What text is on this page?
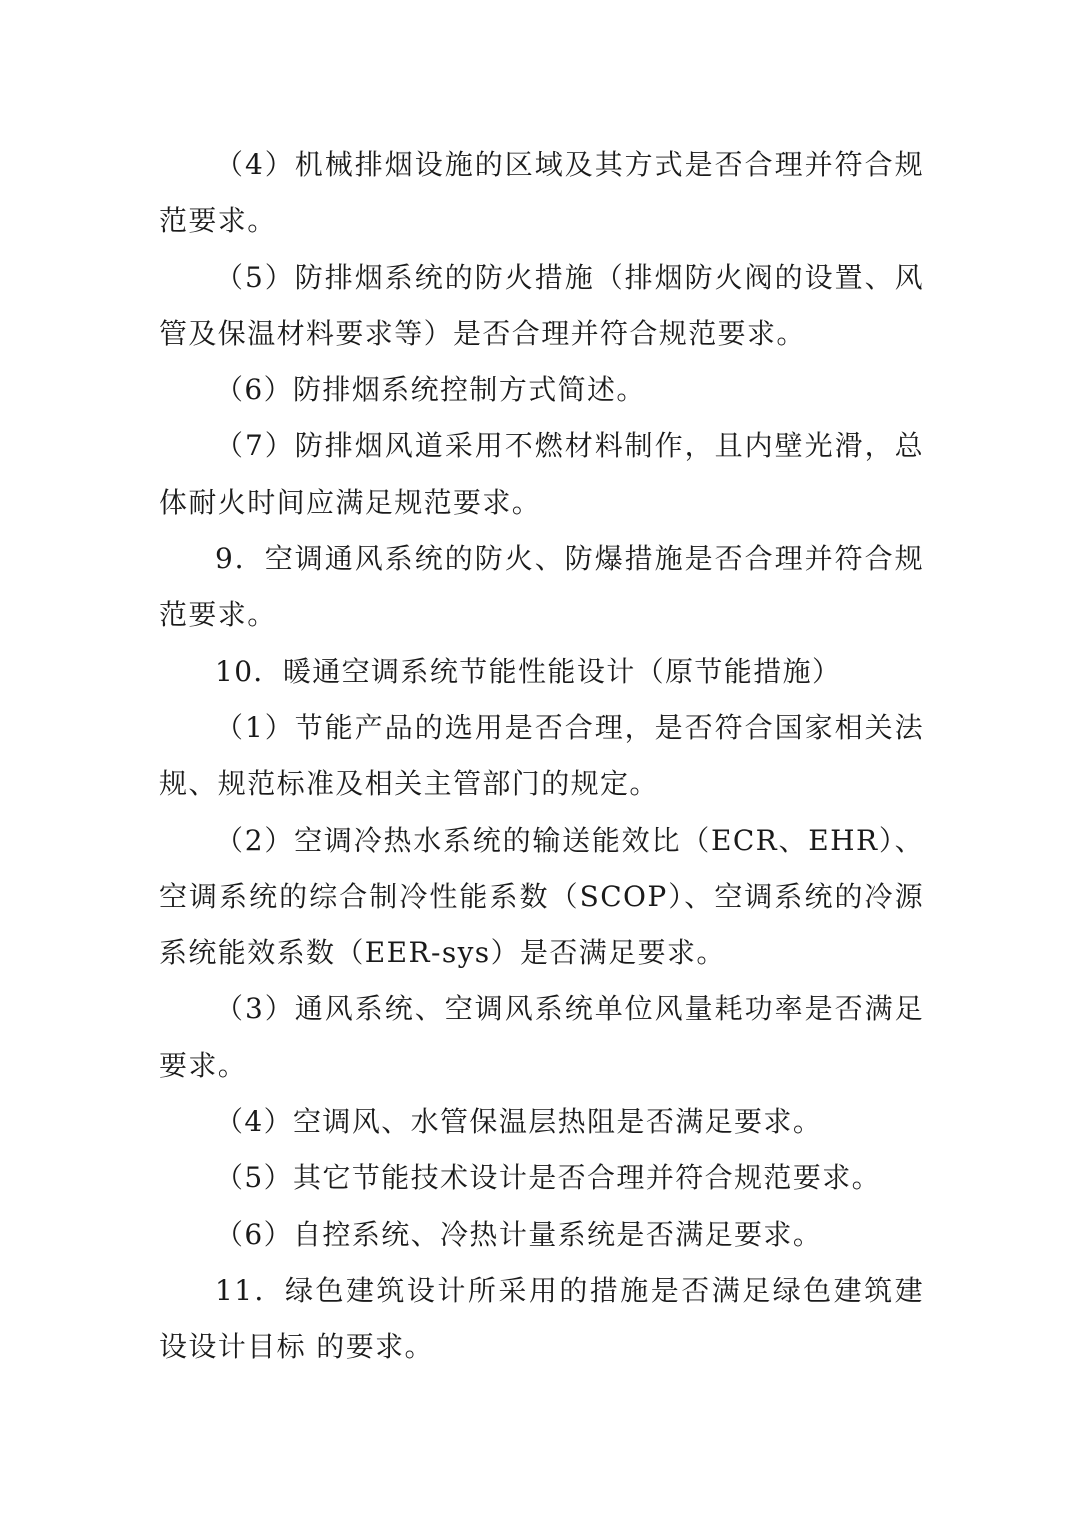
（4）机械排烟设施的区域及其方式是否合理并符合规范要求。

（5）防排烟系统的防火措施（排烟防火阀的设置、风管及保温材料要求等）是否合理并符合规范要求。

（6）防排烟系统控制方式简述。

（7）防排烟风道采用不燃材料制作，且内壁光滑，总体耐火时间应满足规范要求。

9．空调通风系统的防火、防爆措施是否合理并符合规范要求。

10．暖通空调系统节能性能设计（原节能措施）

（1）节能产品的选用是否合理，是否符合国家相关法规、规范标准及相关主管部门的规定。

（2）空调冷热水系统的输送能效比（ECR、EHR）、空调系统的综合制冷性能系数（SCOP）、空调系统的冷源系统能效系数（EER-sys）是否满足要求。

（3）通风系统、空调风系统单位风量耗功率是否满足要求。

（4）空调风、水管保温层热阻是否满足要求。

（5）其它节能技术设计是否合理并符合规范要求。

（6）自控系统、冷热计量系统是否满足要求。

11．绿色建筑设计所采用的措施是否满足绿色建筑建设设计目标 的要求。
